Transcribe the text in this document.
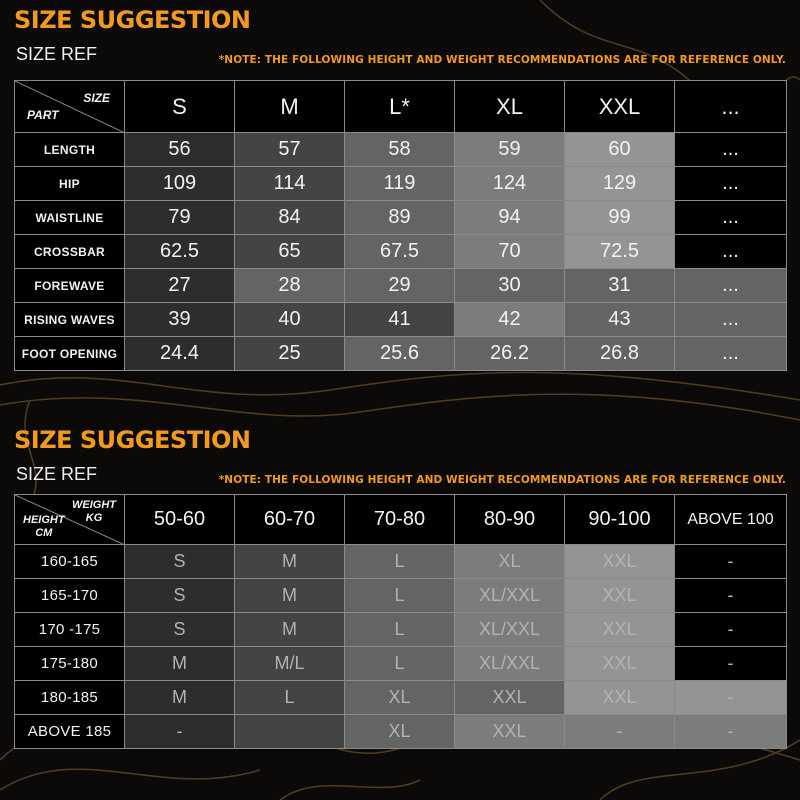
SIZE SUGGESTION
SIZE REF	*NOTE: THE FOLLOWING HEIGHT AND WEIGHT RECOMMENDATIONS ARE FOR REFERENCE ONLY.
SIZE
PART	S	M	L*	XL	XXL	...
LENGTH	56	57	58	59	60	...
HIP	109	114	119	124	129	...
WAISTLINE	79	84	89	94	99	...
CROSSBAR	62.5	65	67.5	70	72.5	...
FOREWAVE	27	28	29	30	31	...
RISING WAVES	39	40	41	42	43	...
FOOT OPENING	24.4	25	25.6	26.2	26.8	...
SIZE SUGGESTION
SIZE REF	*NOTE: THE FOLLOWING HEIGHT AND WEIGHT RECOMMENDATIONS ARE FOR REFERENCE ONLY.
WEIGHT
KG
HEIGHT
CM	50-60	60-70	70-80	80-90	90-100	ABOVE 100
160-165	S	M	L	XL	XXL	-
165-170	S	M	L	XL/XXL	XXL	-
170 -175	S	M	L	XL/XXL	XXL	-
175-180	M	M/L	L	XL/XXL	XXL	-
180-185	M	L	XL	XXL	XXL	-
ABOVE 185	-		XL	XXL	-	-
